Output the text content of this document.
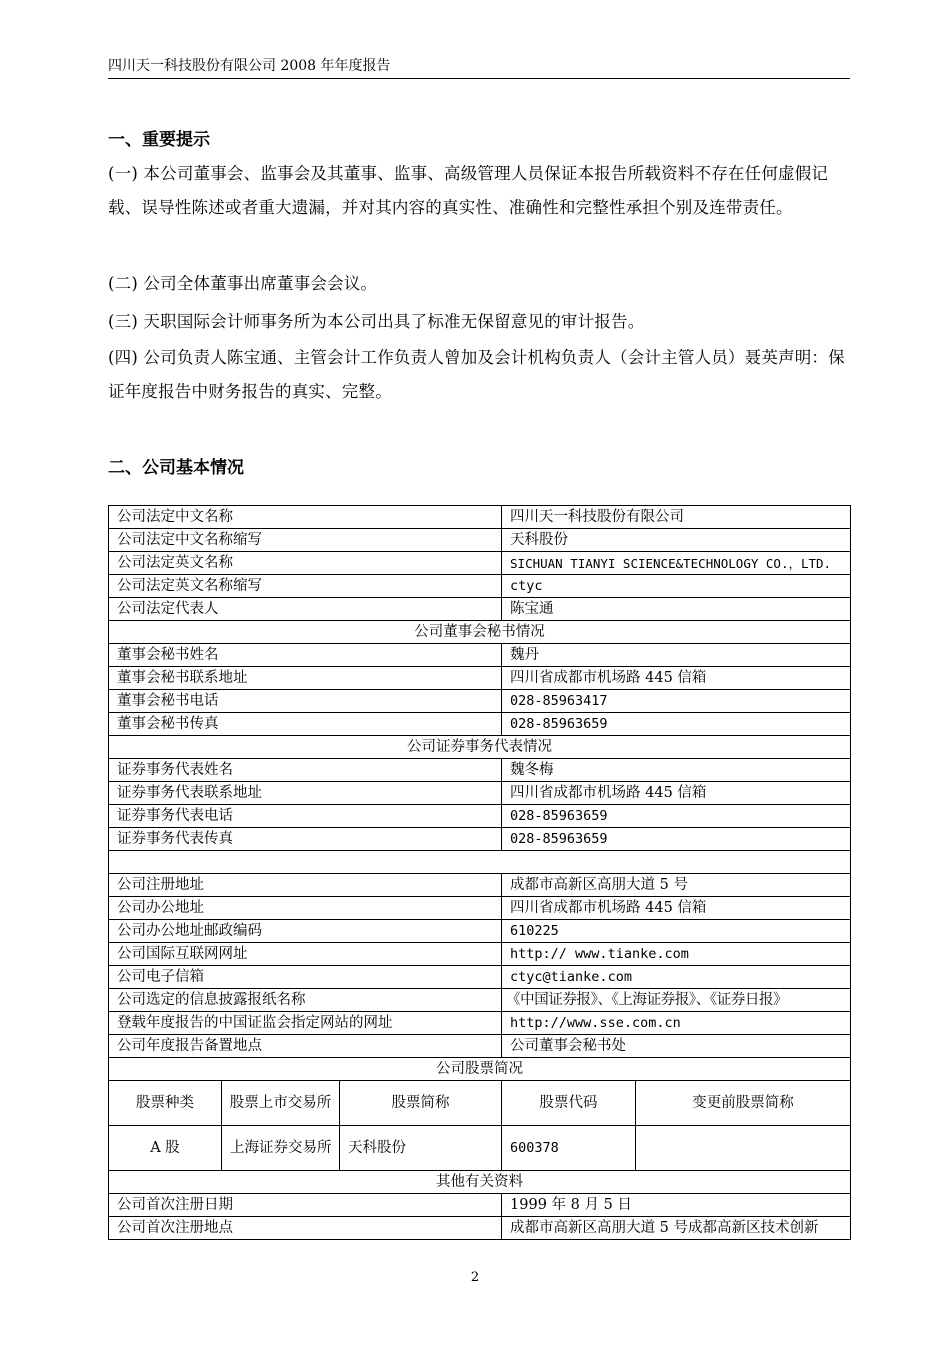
四川天一科技股份有限公司 2008 年年度报告
一、重要提示
(一) 本公司董事会、监事会及其董事、监事、高级管理人员保证本报告所载资料不存在任何虚假记载、误导性陈述或者重大遗漏，并对其内容的真实性、准确性和完整性承担个别及连带责任。
(二) 公司全体董事出席董事会会议。
(三) 天职国际会计师事务所为本公司出具了标准无保留意见的审计报告。
(四) 公司负责人陈宝通、主管会计工作负责人曾加及会计机构负责人（会计主管人员）聂英声明：保证年度报告中财务报告的真实、完整。
二、公司基本情况
公司法定中文名称			四川天一科技股份有限公司	
公司法定中文名称缩写			天科股份	
公司法定英文名称			SICHUAN TIANYI SCIENCE&TECHNOLOGY CO.，LTD.	
公司法定英文名称缩写			ctyc	
公司法定代表人			陈宝通	
公司董事会秘书情况				
董事会秘书姓名			魏丹	
董事会秘书联系地址			四川省成都市机场路 445 信箱	
董事会秘书电话			028-85963417	
董事会秘书传真			028-85963659	
公司证券事务代表情况				
证券事务代表姓名			魏冬梅	
证券事务代表联系地址			四川省成都市机场路 445 信箱	
证券事务代表电话			028-85963659	
证券事务代表传真			028-85963659	

公司注册地址			成都市高新区高朋大道 5 号	
公司办公地址			四川省成都市机场路 445 信箱	
公司办公地址邮政编码			610225	
公司国际互联网网址			http:// www.tianke.com	
公司电子信箱			ctyc@tianke.com	
公司选定的信息披露报纸名称			《中国证券报》、《上海证券报》、《证券日报》	
登载年度报告的中国证监会指定网站的网址			http://www.sse.com.cn	
公司年度报告备置地点			公司董事会秘书处	
公司股票简况				
股票种类	股票上市交易所	股票简称	股票代码	变更前股票简称
A 股	上海证券交易所	天科股份	600378	
其他有关资料				
公司首次注册日期			1999 年 8 月 5 日	
公司首次注册地点			成都市高新区高朋大道 5 号成都高新区技术创新	
2
